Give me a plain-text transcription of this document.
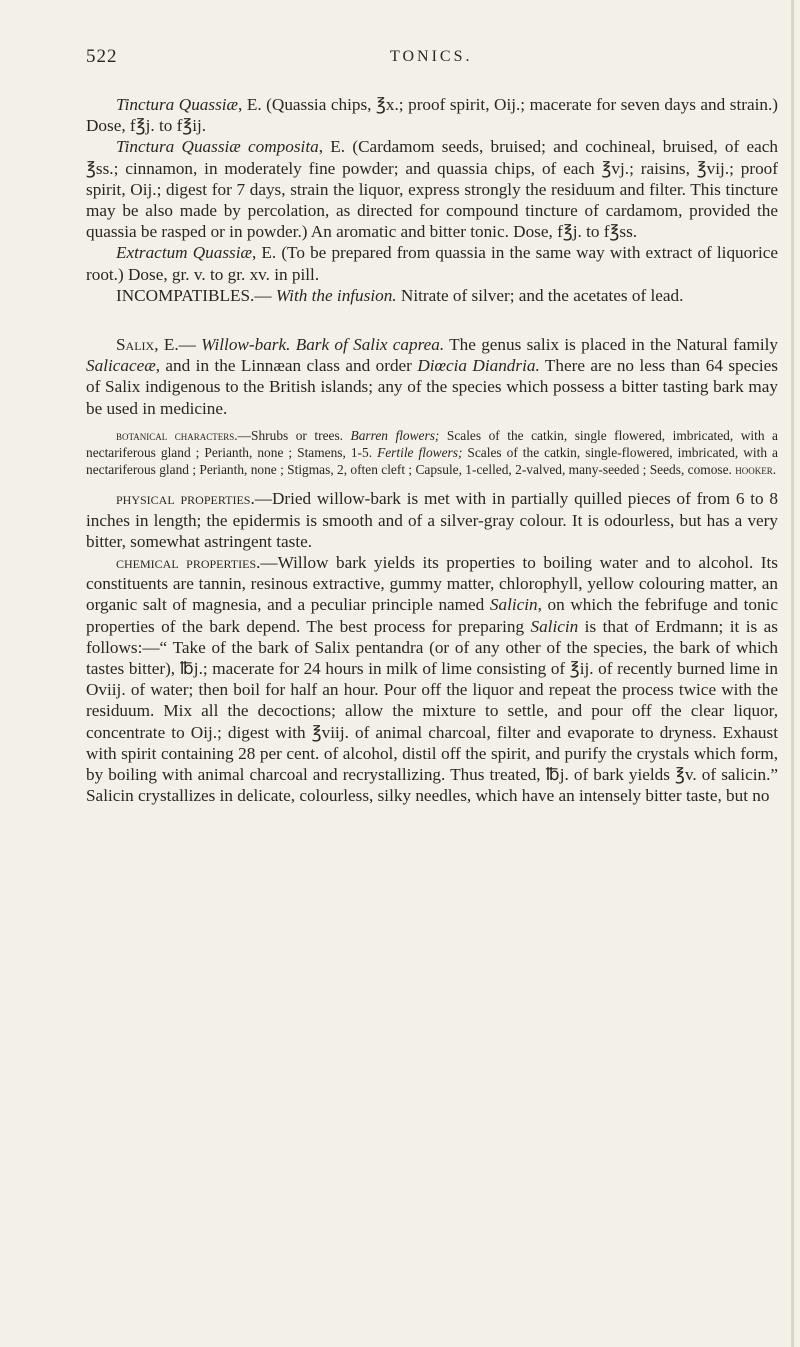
522	TONICS.

Tinctura Quassiæ, E. (Quassia chips, ℥x.; proof spirit, Oij.; macerate for seven days and strain.) Dose, f℥j. to f℥ij.

Tinctura Quassiæ composita, E. (Cardamom seeds, bruised; and cochineal, bruised, of each ℥ss.; cinnamon, in moderately fine powder; and quassia chips, of each ℥vj.; raisins, ℥vij.; proof spirit, Oij.; digest for 7 days, strain the liquor, express strongly the residuum and filter. This tincture may be also made by percolation, as directed for compound tincture of cardamom, provided the quassia be rasped or in powder.) An aromatic and bitter tonic. Dose, f℥j. to f℥ss.

Extractum Quassiæ, E. (To be prepared from quassia in the same way with extract of liquorice root.) Dose, gr. v. to gr. xv. in pill.

INCOMPATIBLES.— With the infusion. Nitrate of silver; and the acetates of lead.

Salix, E.— Willow-bark. Bark of Salix caprea. The genus salix is placed in the Natural family Salicaceæ, and in the Linnæan class and order Diœcia Diandria. There are no less than 64 species of Salix indigenous to the British islands; any of the species which possess a bitter tasting bark may be used in medicine.

botanical characters.—Shrubs or trees. Barren flowers; Scales of the catkin, single flowered, imbricated, with a nectariferous gland ; Perianth, none ; Stamens, 1-5. Fertile flowers; Scales of the catkin, single-flowered, imbricated, with a nectariferous gland ; Perianth, none ; Stigmas, 2, often cleft ; Capsule, 1-celled, 2-valved, many-seeded ; Seeds, comose. hooker.

physical properties.—Dried willow-bark is met with in partially quilled pieces of from 6 to 8 inches in length; the epidermis is smooth and of a silver-gray colour. It is odourless, but has a very bitter, somewhat astringent taste.

chemical properties.—Willow bark yields its properties to boiling water and to alcohol. Its constituents are tannin, resinous extractive, gummy matter, chlorophyll, yellow colouring matter, an organic salt of magnesia, and a peculiar principle named Salicin, on which the febrifuge and tonic properties of the bark depend. The best process for preparing Salicin is that of Erdmann; it is as follows:—“ Take of the bark of Salix pentandra (or of any other of the species, the bark of which tastes bitter), ℔j.; macerate for 24 hours in milk of lime consisting of ℥ij. of recently burned lime in Oviij. of water; then boil for half an hour. Pour off the liquor and repeat the process twice with the residuum. Mix all the decoctions; allow the mixture to settle, and pour off the clear liquor, concentrate to Oij.; digest with ℥viij. of animal charcoal, filter and evaporate to dryness. Exhaust with spirit containing 28 per cent. of alcohol, distil off the spirit, and purify the crystals which form, by boiling with animal charcoal and recrystallizing. Thus treated, ℔j. of bark yields ℥v. of salicin.” Salicin crystallizes in delicate, colourless, silky needles, which have an intensely bitter taste, but no
